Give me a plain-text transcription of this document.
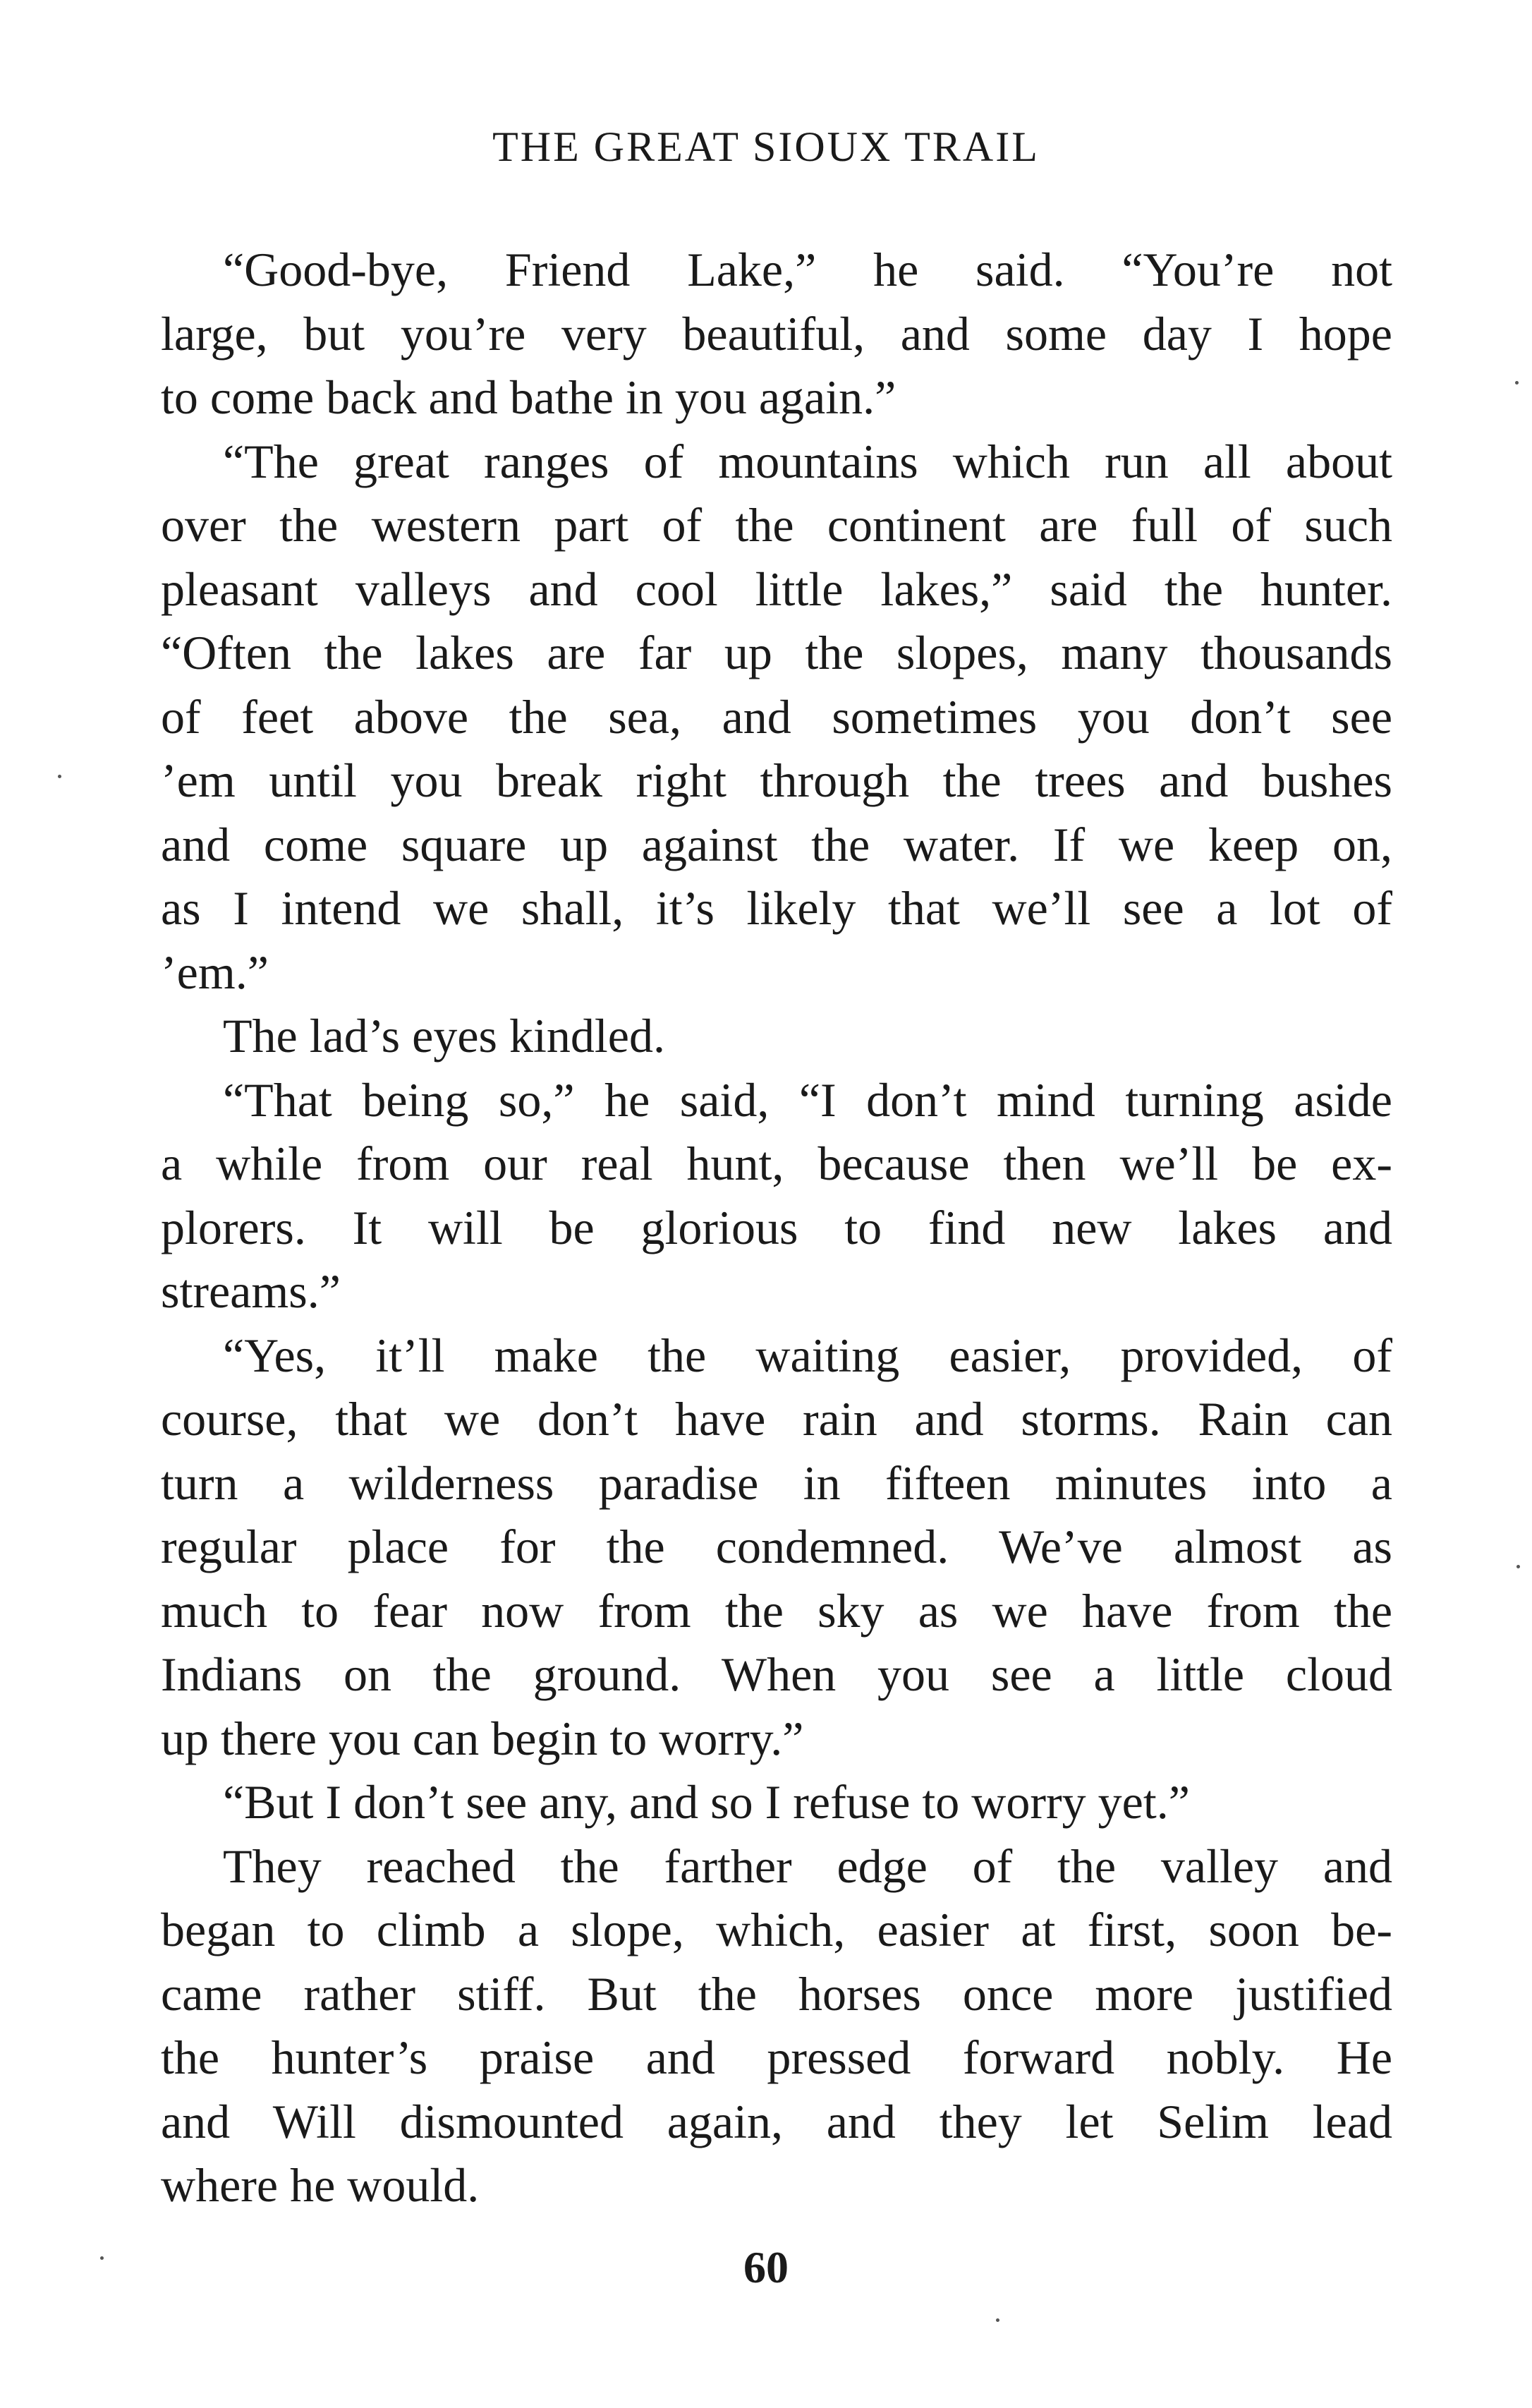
THE GREAT SIOUX TRAIL
“Good-bye, Friend Lake,” he said. “You’re not
large, but you’re very beautiful, and some day I hope
to come back and bathe in you again.”
“The great ranges of mountains which run all about
over the western part of the continent are full of such
pleasant valleys and cool little lakes,” said the hunter.
“Often the lakes are far up the slopes, many thousands
of feet above the sea, and sometimes you don’t see
’em until you break right through the trees and bushes
and come square up against the water. If we keep on,
as I intend we shall, it’s likely that we’ll see a lot of
’em.”
The lad’s eyes kindled.
“That being so,” he said, “I don’t mind turning aside
a while from our real hunt, because then we’ll be ex-
plorers. It will be glorious to find new lakes and
streams.”
“Yes, it’ll make the waiting easier, provided, of
course, that we don’t have rain and storms. Rain can
turn a wilderness paradise in fifteen minutes into a
regular place for the condemned. We’ve almost as
much to fear now from the sky as we have from the
Indians on the ground. When you see a little cloud
up there you can begin to worry.”
“But I don’t see any, and so I refuse to worry yet.”
They reached the farther edge of the valley and
began to climb a slope, which, easier at first, soon be-
came rather stiff. But the horses once more justified
the hunter’s praise and pressed forward nobly. He
and Will dismounted again, and they let Selim lead
where he would.
60
